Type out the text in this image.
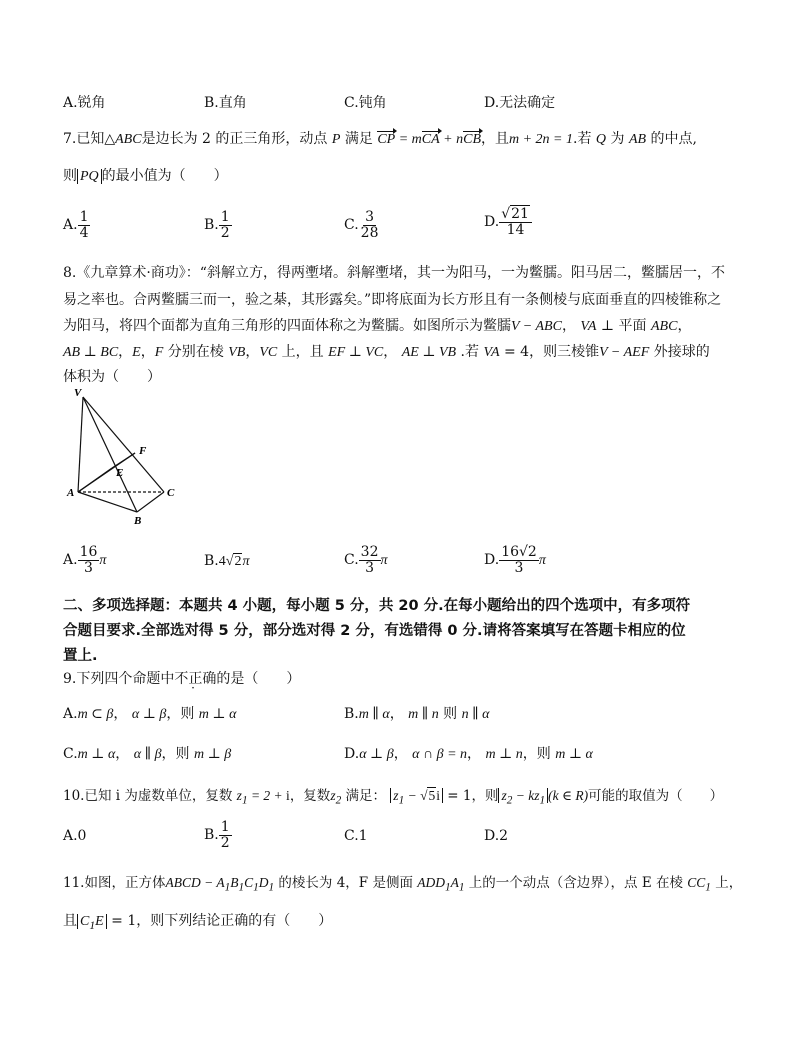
A.锐角	B.直角	C.钝角	D.无法确定
7.已知△ABC是边长为 2 的正三角形，动点 P 满足 CP = mCA + nCB，且m + 2n = 1.若 Q 为 AB 的中点,
则 PQ 的最小值为（　　）
A. $\frac{1}{4}$	B. $\frac{1}{2}$	C. $\frac{3}{28}$	D. $\frac{√21}{14}$
8.《九章算术·商功》：“斜解立方，得两壍堵。斜解壍堵，其一为阳马，一为鳖臑。阳马居二，鳖臑居一，不
易之率也。合两鳖臑三而一，验之棊，其形露矣。”即将底面为长方形且有一条侧棱与底面垂直的四棱锥称之
为阳马，将四个面都为直角三角形的四面体称之为鳖臑。如图所示为鳖臑V − ABC， VA ⊥ 平面 ABC，
AB ⊥ BC，E，F 分别在棱 VB，VC 上，且 EF ⊥ VC， AE ⊥ VB .若 VA = 4，则三棱锥V − AEF 外接球的
体积为（　　）
V
F
E
A	C
B
A. $\frac{16}{3}$ π	B.4√2π	C. $\frac{32}{3}$ π	D. $\frac{16√2}{3}$ π
二、多项选择题：本题共 4 小题，每小题 5 分，共 20 分.在每小题给出的四个选项中，有多项符
合题目要求.全部选对得 5 分，部分选对得 2 分，有选错得 0 分.请将答案填写在答题卡相应的位
置上.
9.下列四个命题中不正确的是（　　）
A.m ⊂ β， α ⊥ β，则 m ⊥ α	B.m ∥ α， m ∥ n 则 n ∥ α
C.m ⊥ α， α ∥ β，则 m ⊥ β	D.α ⊥ β， α ∩ β = n， m ⊥ n，则 m ⊥ α
10.已知 i 为虚数单位，复数 $z_1 = 2 + i$，复数$z_2$ 满足： $z_1 - √5i = 1$，则 $z_2 - kz_1$ (k ∈ R)可能的取值为（　　）
A.0	B. $\frac{1}{2}$	C.1	D.2
11.如图，正方体ABCD − $A_1B_1C_1D_1$ 的棱长为 4，F 是侧面 $ADD_1A_1$ 上的一个动点（含边界），点 E 在棱 $CC_1$ 上，
且 $C_1E = 1$，则下列结论正确的有（　　）
